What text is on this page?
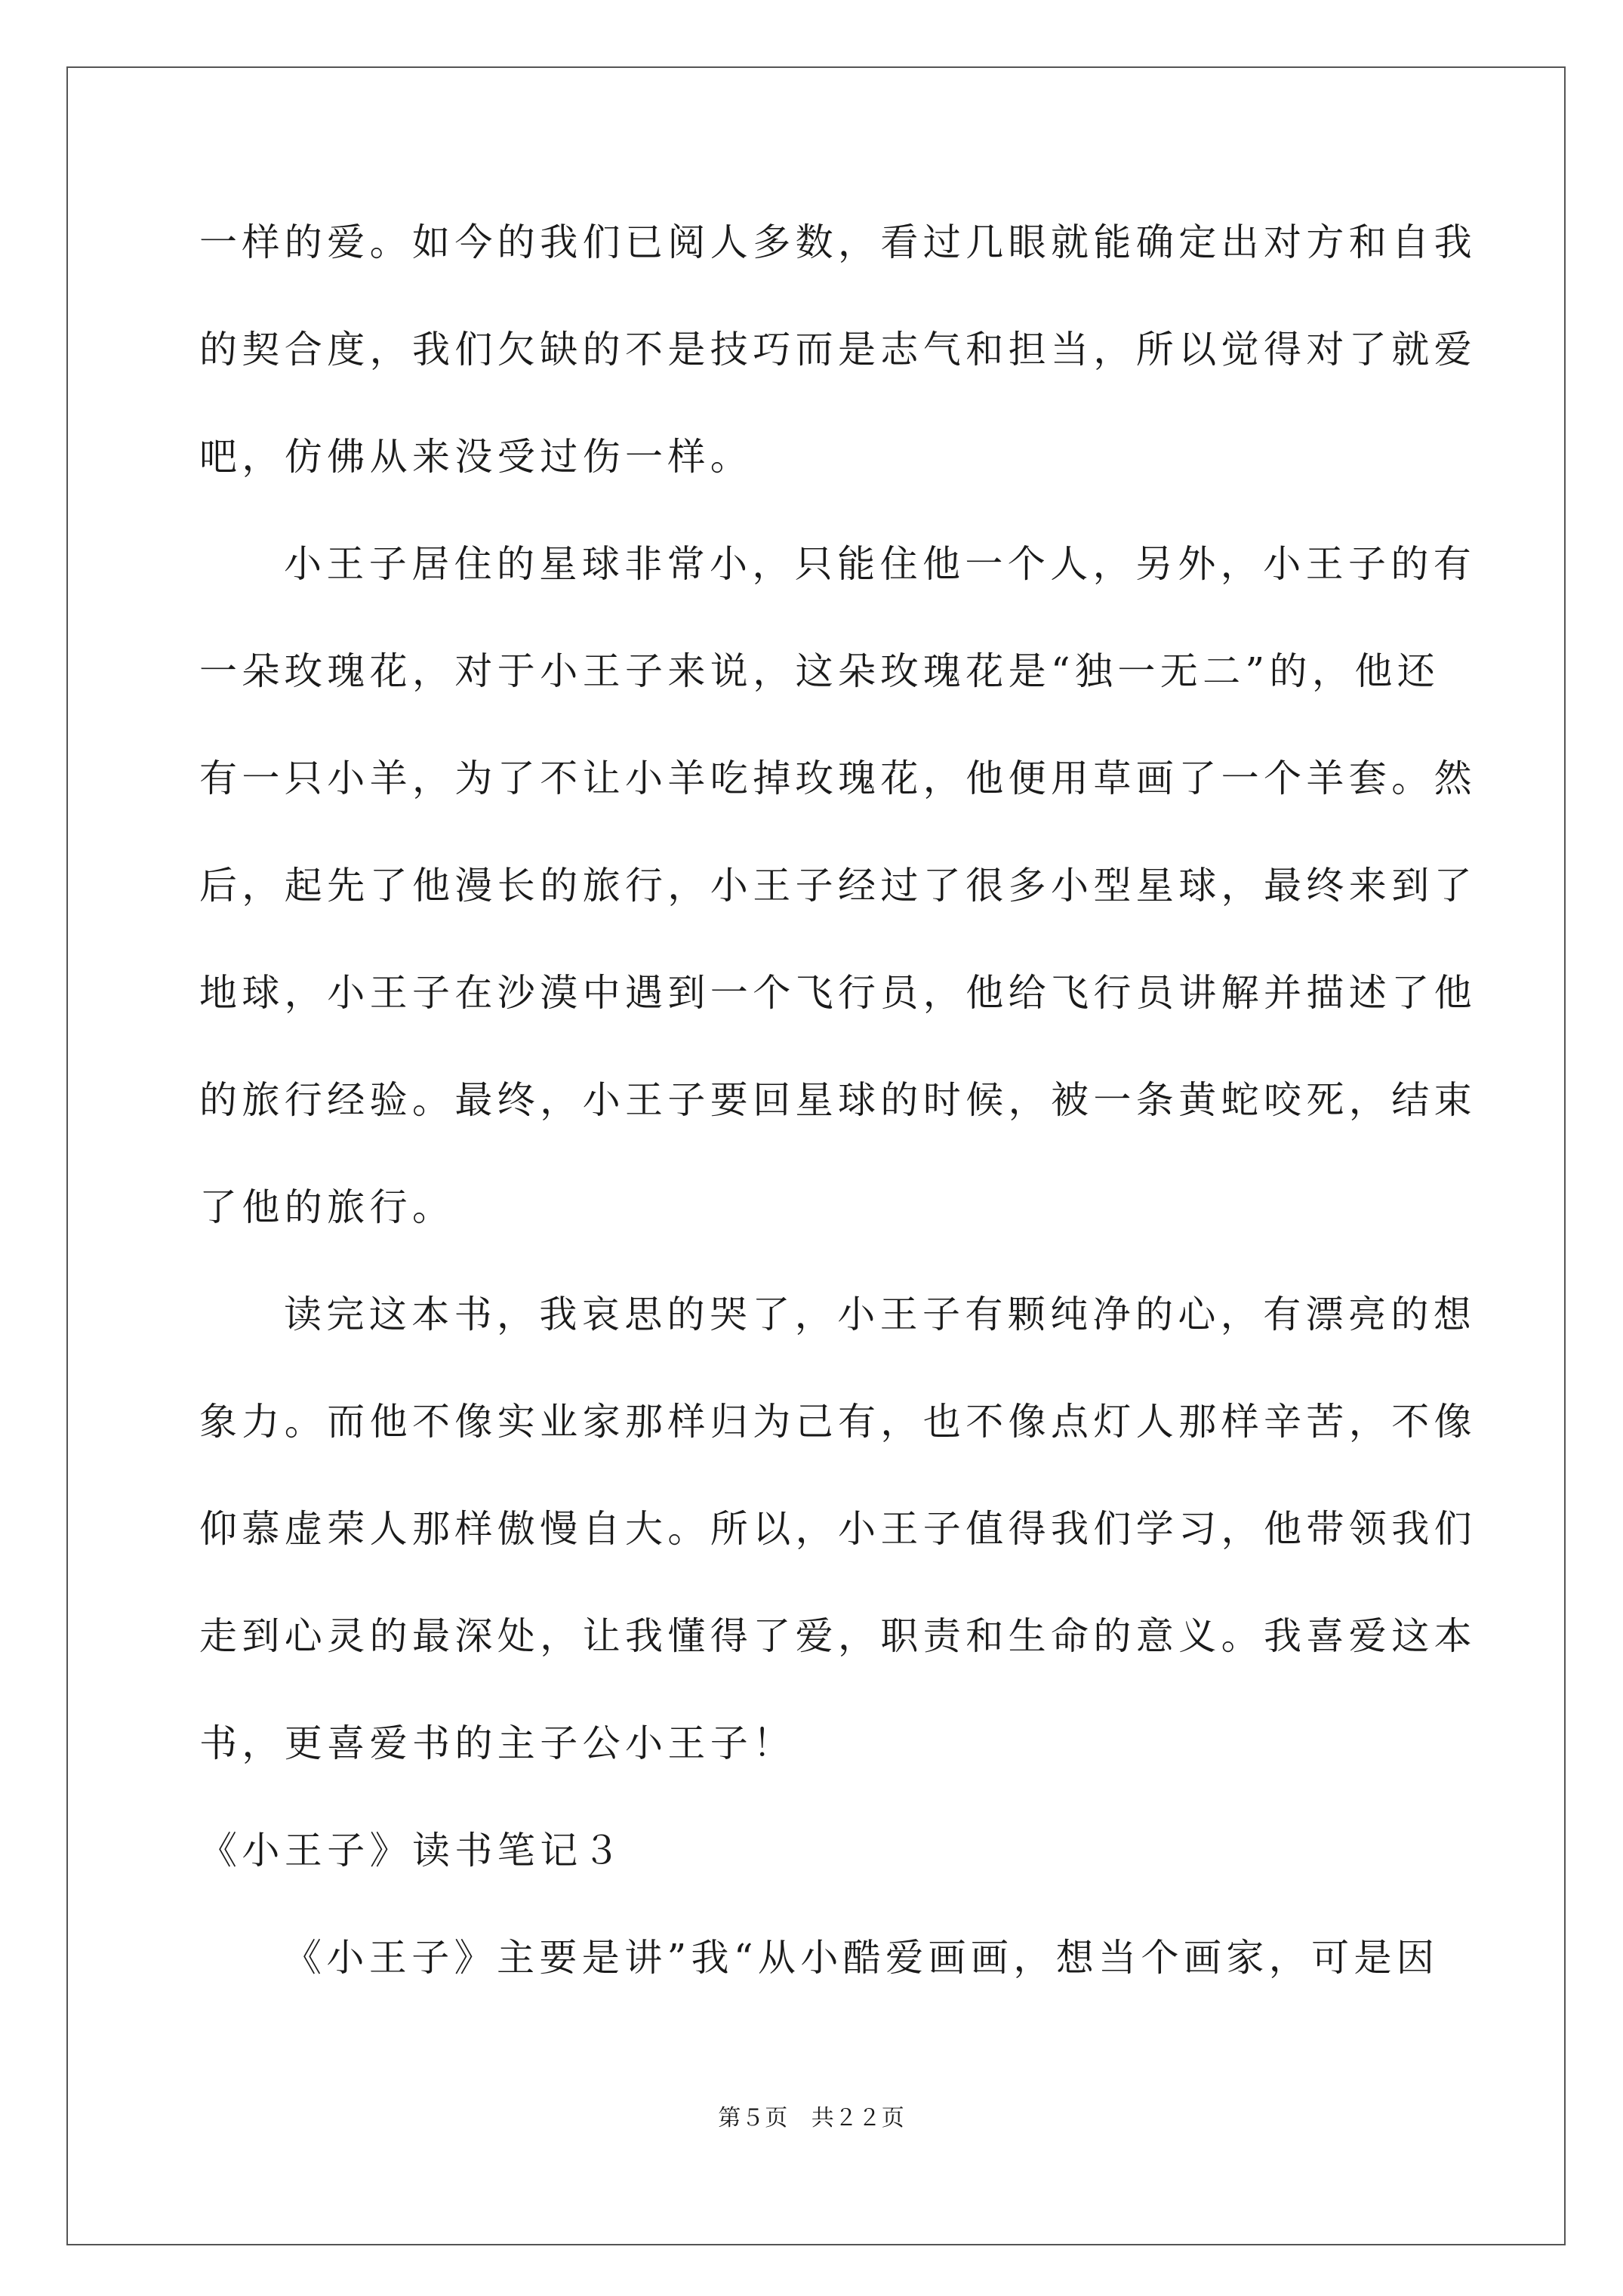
一样的爱。如今的我们已阅人多数，看过几眼就能确定出对方和自我
的契合度，我们欠缺的不是技巧而是志气和担当，所以觉得对了就爱
吧，仿佛从来没受过伤一样。
小王子居住的星球非常小，只能住他一个人，另外，小王子的有
一朵玫瑰花，对于小王子来说，这朵玫瑰花是“独一无二”的，他还
有一只小羊，为了不让小羊吃掉玫瑰花，他便用草画了一个羊套。然
后，起先了他漫长的旅行，小王子经过了很多小型星球，最终来到了
地球，小王子在沙漠中遇到一个飞行员，他给飞行员讲解并描述了他
的旅行经验。最终，小王子要回星球的时候，被一条黄蛇咬死，结束
了他的旅行。
读完这本书，我哀思的哭了，小王子有颗纯净的心，有漂亮的想
象力。而他不像实业家那样归为己有，也不像点灯人那样辛苦，不像
仰慕虚荣人那样傲慢自大。所以，小王子值得我们学习，他带领我们
走到心灵的最深处，让我懂得了爱，职责和生命的意义。我喜爱这本
书，更喜爱书的主子公小王子！
《小王子》读书笔记３
《小王子》主要是讲”我“从小酷爱画画，想当个画家，可是因
第５页 共２２页
